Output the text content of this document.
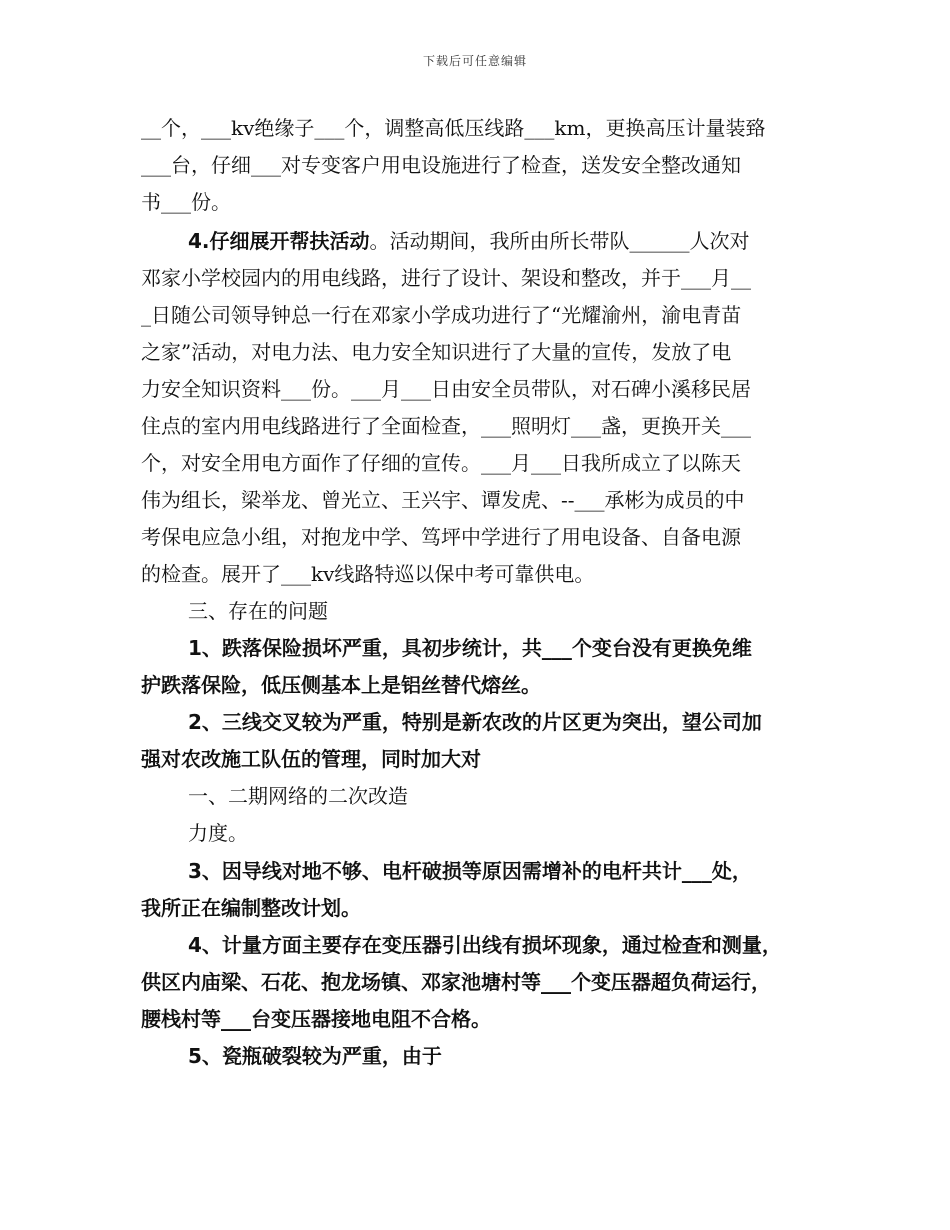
下载后可任意编辑
__个，___kv绝缘子___个，调整高低压线路___km，更换高压计量装臵
___台，仔细___对专变客户用电设施进行了检查，送发安全整改通知
书___份。
4.仔细展开帮扶活动。活动期间，我所由所长带队______人次对
邓家小学校园内的用电线路，进行了设计、架设和整改，并于___月__
_日随公司领导钟总一行在邓家小学成功进行了“光耀渝州，渝电青苗
之家”活动，对电力法、电力安全知识进行了大量的宣传，发放了电
力安全知识资料___份。___月___日由安全员带队，对石碑小溪移民居
住点的室内用电线路进行了全面检查，___照明灯___盏，更换开关___
个，对安全用电方面作了仔细的宣传。___月___日我所成立了以陈天
伟为组长，梁举龙、曾光立、王兴宇、谭发虎、--___承彬为成员的中
考保电应急小组，对抱龙中学、笃坪中学进行了用电设备、自备电源
的检查。展开了___kv线路特巡以保中考可靠供电。
三、存在的问题
1、跌落保险损坏严重，具初步统计，共___个变台没有更换免维
护跌落保险，低压侧基本上是铝丝替代熔丝。
2、三线交叉较为严重，特别是新农改的片区更为突出，望公司加
强对农改施工队伍的管理，同时加大对
一、二期网络的二次改造
力度。
3、因导线对地不够、电杆破损等原因需增补的电杆共计___处，
我所正在编制整改计划。
4、计量方面主要存在变压器引出线有损坏现象，通过检查和测量，
供区内庙梁、石花、抱龙场镇、邓家池塘村等___个变压器超负荷运行，
腰栈村等___台变压器接地电阻不合格。
5、瓷瓶破裂较为严重，由于
